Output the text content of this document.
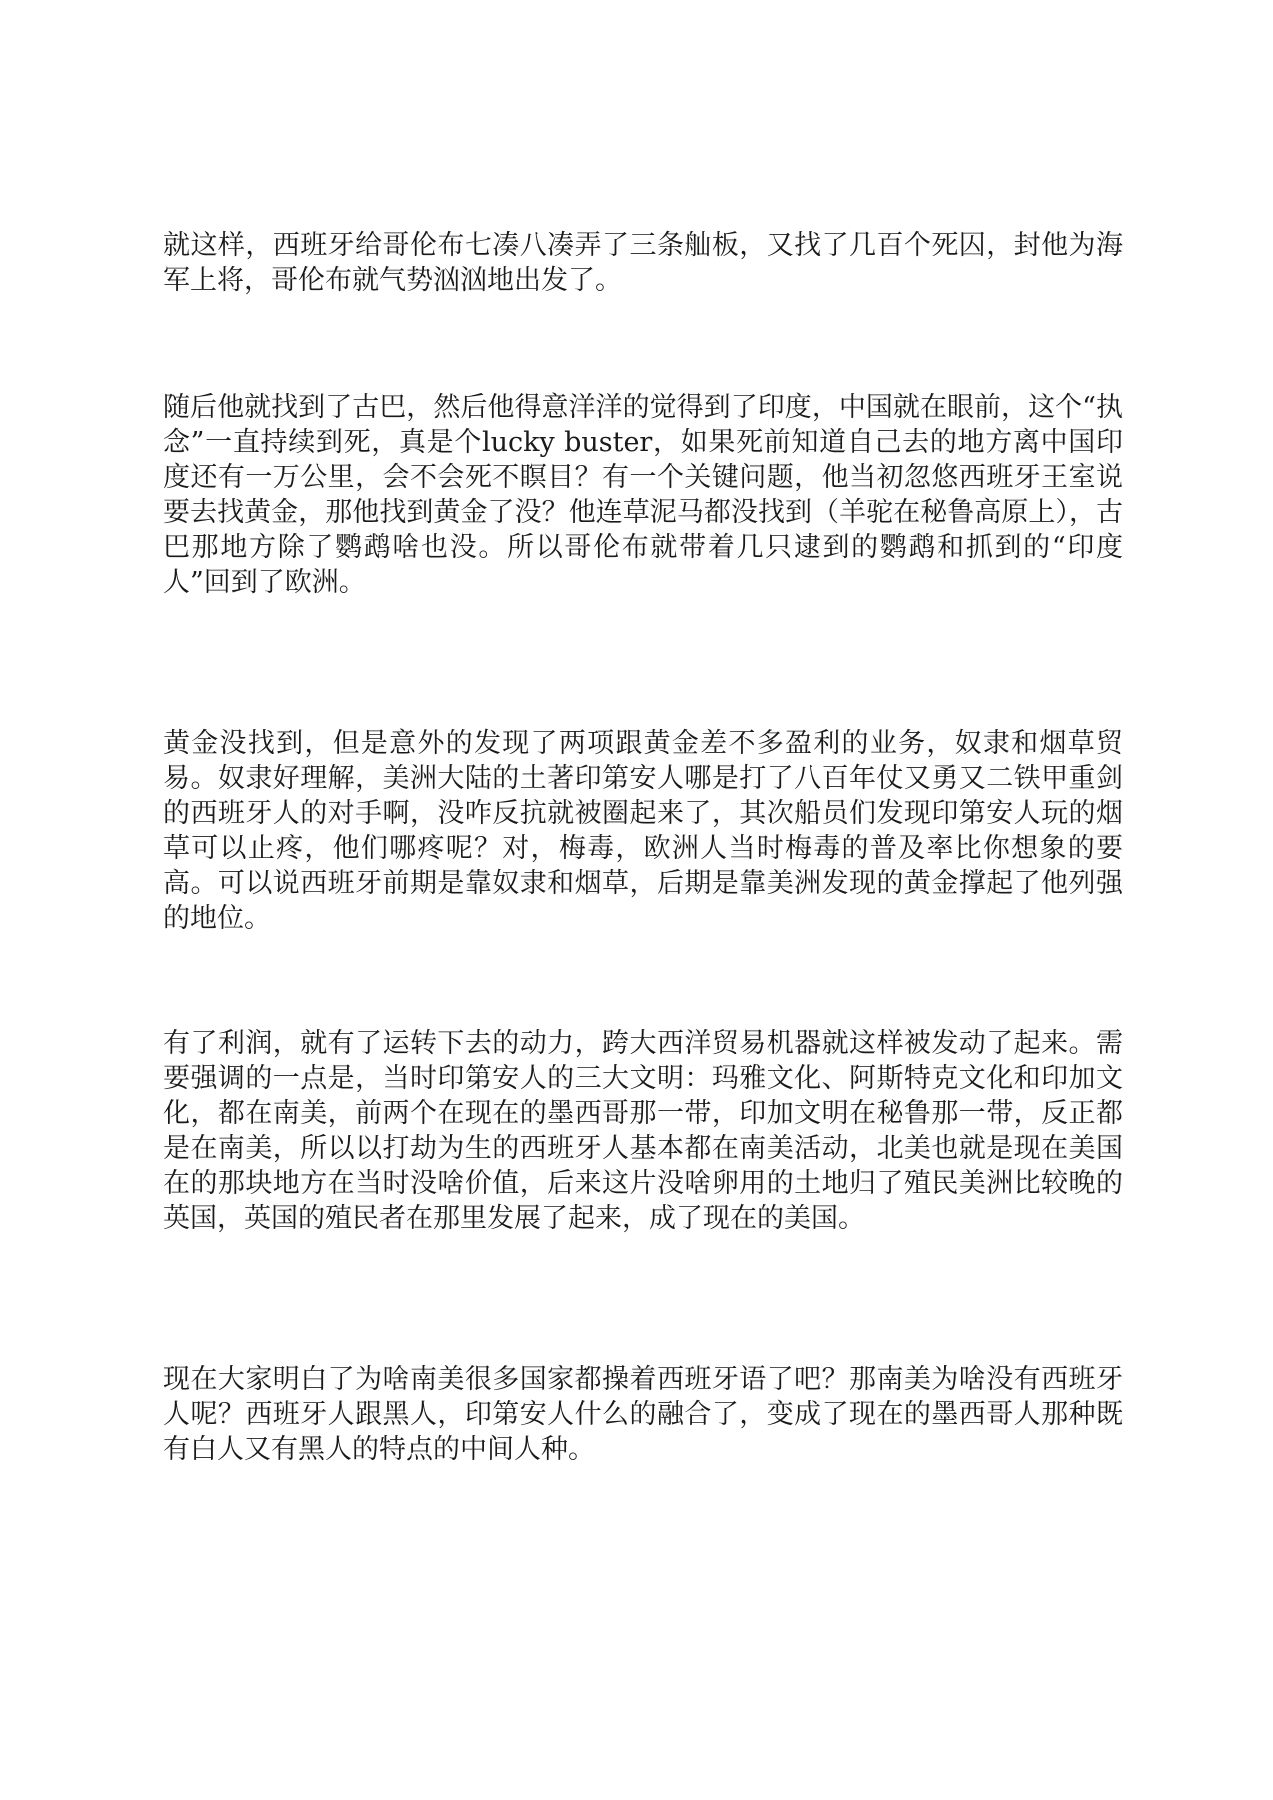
就这样，西班牙给哥伦布七凑八凑弄了三条舢板，又找了几百个死囚，封他为海军上将，哥伦布就气势汹汹地出发了。

随后他就找到了古巴，然后他得意洋洋的觉得到了印度，中国就在眼前，这个“执念”一直持续到死，真是个lucky buster，如果死前知道自己去的地方离中国印度还有一万公里，会不会死不瞑目？有一个关键问题，他当初忽悠西班牙王室说要去找黄金，那他找到黄金了没？他连草泥马都没找到（羊驼在秘鲁高原上），古巴那地方除了鹦鹉啥也没。所以哥伦布就带着几只逮到的鹦鹉和抓到的“印度人”回到了欧洲。

黄金没找到，但是意外的发现了两项跟黄金差不多盈利的业务，奴隶和烟草贸易。奴隶好理解，美洲大陆的土著印第安人哪是打了八百年仗又勇又二铁甲重剑的西班牙人的对手啊，没咋反抗就被圈起来了，其次船员们发现印第安人玩的烟草可以止疼，他们哪疼呢？对，梅毒，欧洲人当时梅毒的普及率比你想象的要高。可以说西班牙前期是靠奴隶和烟草，后期是靠美洲发现的黄金撑起了他列强的地位。

有了利润，就有了运转下去的动力，跨大西洋贸易机器就这样被发动了起来。需要强调的一点是，当时印第安人的三大文明：玛雅文化、阿斯特克文化和印加文化，都在南美，前两个在现在的墨西哥那一带，印加文明在秘鲁那一带，反正都是在南美，所以以打劫为生的西班牙人基本都在南美活动，北美也就是现在美国在的那块地方在当时没啥价值，后来这片没啥卵用的土地归了殖民美洲比较晚的英国，英国的殖民者在那里发展了起来，成了现在的美国。

现在大家明白了为啥南美很多国家都操着西班牙语了吧？那南美为啥没有西班牙人呢？西班牙人跟黑人，印第安人什么的融合了，变成了现在的墨西哥人那种既有白人又有黑人的特点的中间人种。
